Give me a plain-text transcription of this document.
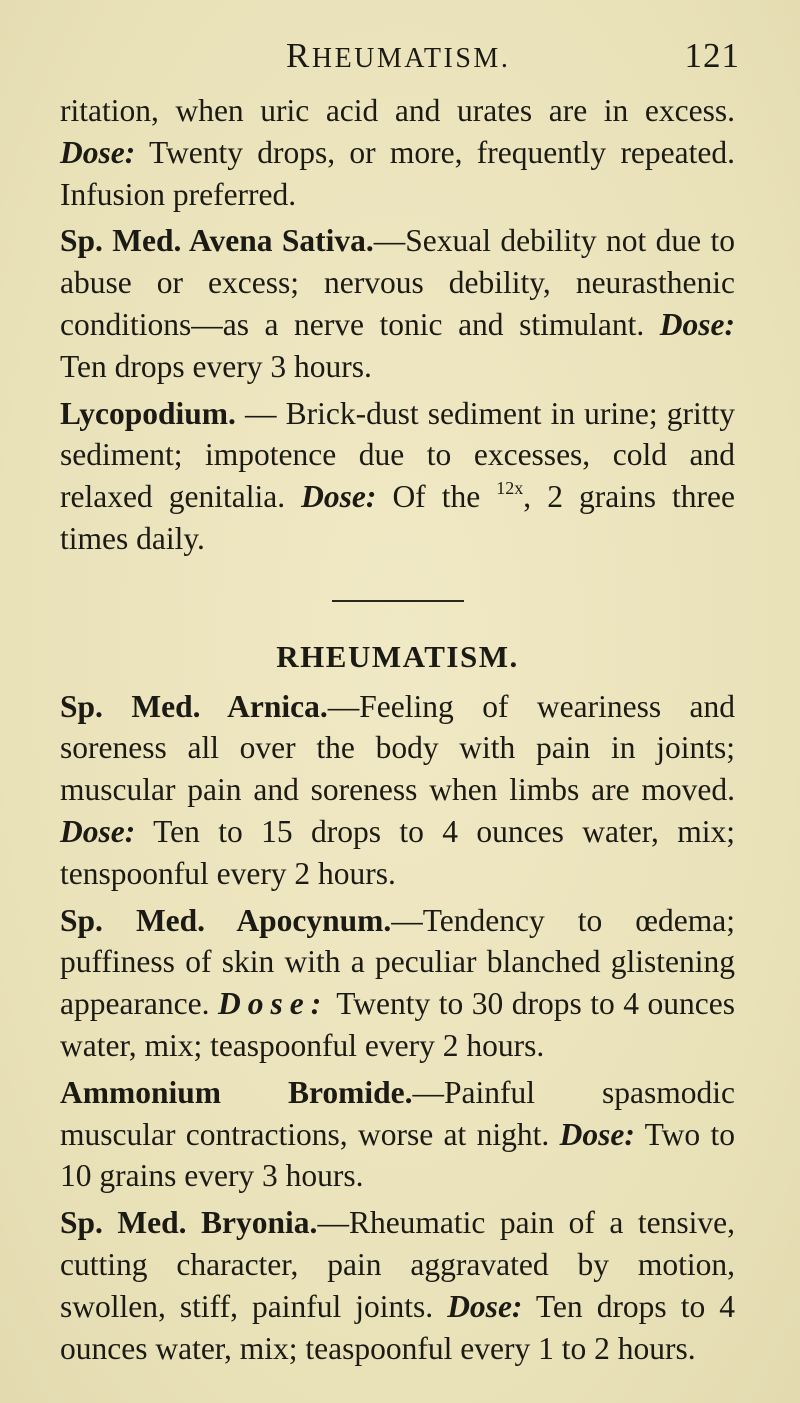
RHEUMATISM.	121

ritation, when uric acid and urates are in excess. Dose: Twenty drops, or more, frequently repeated. Infusion preferred.

Sp. Med. Avena Sativa.—Sexual debility not due to abuse or excess; nervous debility, neurasthenic conditions—as a nerve tonic and stimulant. Dose: Ten drops every 3 hours.

Lycopodium. — Brick-dust sediment in urine; gritty sediment; impotence due to excesses, cold and relaxed genitalia. Dose: Of the $^{12x}$, 2 grains three times daily.

RHEUMATISM.

Sp. Med. Arnica.—Feeling of weariness and soreness all over the body with pain in joints; muscular pain and soreness when limbs are moved. Dose: Ten to 15 drops to 4 ounces water, mix; tenspoonful every 2 hours.

Sp. Med. Apocynum.—Tendency to œdema; puffiness of skin with a peculiar blanched glistening appearance. Dose: Twenty to 30 drops to 4 ounces water, mix; teaspoonful every 2 hours.

Ammonium Bromide.—Painful spasmodic muscular contractions, worse at night. Dose: Two to 10 grains every 3 hours.

Sp. Med. Bryonia.—Rheumatic pain of a tensive, cutting character, pain aggravated by motion, swollen, stiff, painful joints. Dose: Ten drops to 4 ounces water, mix; teaspoonful every 1 to 2 hours.
